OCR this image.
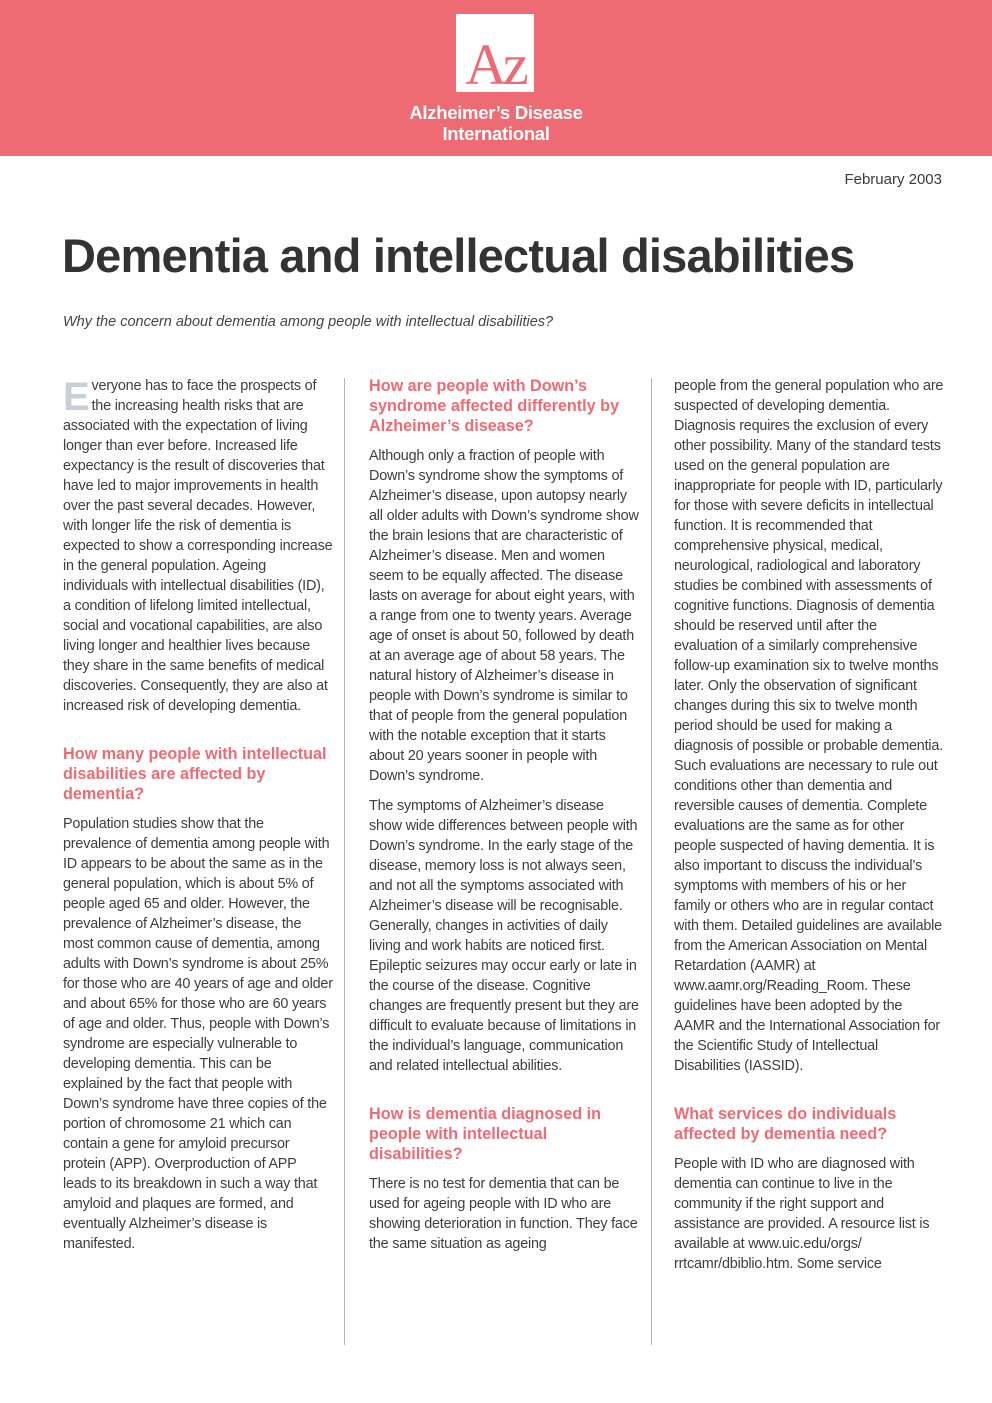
Az
Alzheimer’s Disease
International
February 2003
Dementia and intellectual disabilities

Why the concern about dementia among people with intellectual disabilities?

Everyone has to face the prospects of the increasing health risks that are associated with the expectation of living longer than ever before. Increased life expectancy is the result of discoveries that have led to major improvements in health over the past several decades. However, with longer life the risk of dementia is expected to show a corresponding increase in the general population. Ageing individuals with intellectual disabilities (ID), a condition of lifelong limited intellectual, social and vocational capabilities, are also living longer and healthier lives because they share in the same benefits of medical discoveries. Consequently, they are also at increased risk of developing dementia.

How many people with intellectual disabilities are affected by dementia?

Population studies show that the prevalence of dementia among people with ID appears to be about the same as in the general population, which is about 5% of people aged 65 and older. However, the prevalence of Alzheimer’s disease, the most common cause of dementia, among adults with Down’s syndrome is about 25% for those who are 40 years of age and older and about 65% for those who are 60 years of age and older. Thus, people with Down’s syndrome are especially vulnerable to developing dementia. This can be explained by the fact that people with Down’s syndrome have three copies of the portion of chromosome 21 which can contain a gene for amyloid precursor protein (APP). Overproduction of APP leads to its breakdown in such a way that amyloid and plaques are formed, and eventually Alzheimer’s disease is manifested.

How are people with Down’s syndrome affected differently by Alzheimer’s disease?

Although only a fraction of people with Down’s syndrome show the symptoms of Alzheimer’s disease, upon autopsy nearly all older adults with Down’s syndrome show the brain lesions that are characteristic of Alzheimer’s disease. Men and women seem to be equally affected. The disease lasts on average for about eight years, with a range from one to twenty years. Average age of onset is about 50, followed by death at an average age of about 58 years. The natural history of Alzheimer’s disease in people with Down’s syndrome is similar to that of people from the general population with the notable exception that it starts about 20 years sooner in people with Down’s syndrome.

The symptoms of Alzheimer’s disease show wide differences between people with Down’s syndrome. In the early stage of the disease, memory loss is not always seen, and not all the symptoms associated with Alzheimer’s disease will be recognisable. Generally, changes in activities of daily living and work habits are noticed first. Epileptic seizures may occur early or late in the course of the disease. Cognitive changes are frequently present but they are difficult to evaluate because of limitations in the individual’s language, communication and related intellectual abilities.

How is dementia diagnosed in people with intellectual disabilities?

There is no test for dementia that can be used for ageing people with ID who are showing deterioration in function. They face the same situation as ageing

people from the general population who are suspected of developing dementia. Diagnosis requires the exclusion of every other possibility. Many of the standard tests used on the general population are inappropriate for people with ID, particularly for those with severe deficits in intellectual function. It is recommended that comprehensive physical, medical, neurological, radiological and laboratory studies be combined with assessments of cognitive functions. Diagnosis of dementia should be reserved until after the evaluation of a similarly comprehensive follow-up examination six to twelve months later. Only the observation of significant changes during this six to twelve month period should be used for making a diagnosis of possible or probable dementia. Such evaluations are necessary to rule out conditions other than dementia and reversible causes of dementia. Complete evaluations are the same as for other people suspected of having dementia. It is also important to discuss the individual’s symptoms with members of his or her family or others who are in regular contact with them. Detailed guidelines are available from the American Association on Mental Retardation (AAMR) at www.aamr.org/Reading_Room. These guidelines have been adopted by the AAMR and the International Association for the Scientific Study of Intellectual Disabilities (IASSID).

What services do individuals affected by dementia need?

People with ID who are diagnosed with dementia can continue to live in the community if the right support and assistance are provided. A resource list is available at www.uic.edu/orgs/ rrtcamr/dbiblio.htm. Some service
